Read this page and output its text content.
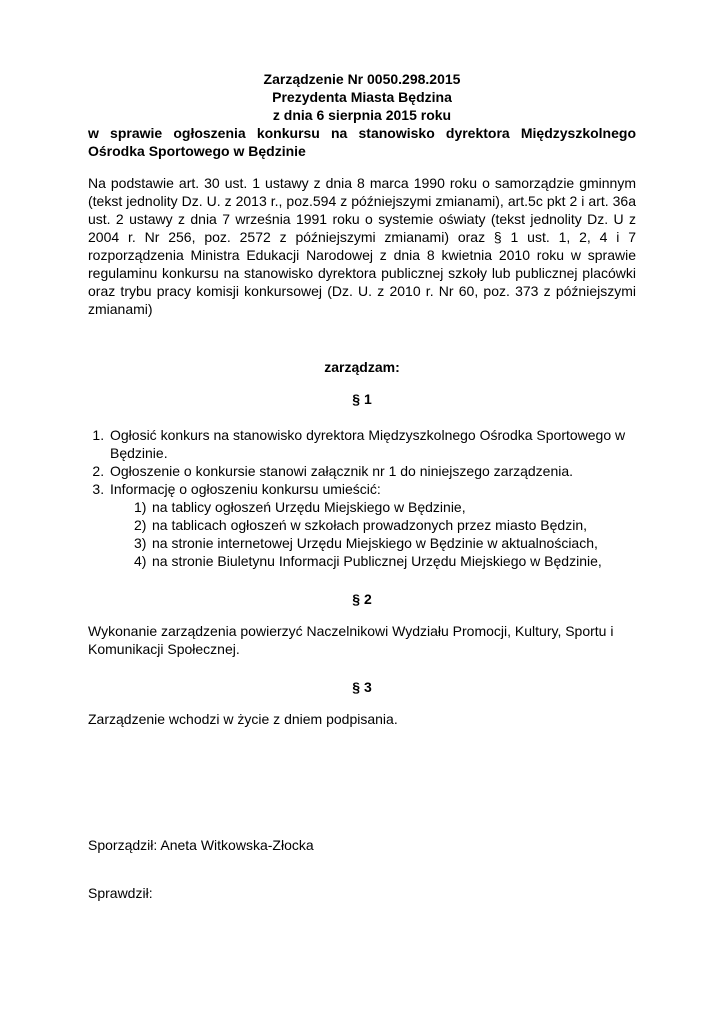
Zarządzenie Nr 0050.298.2015
Prezydenta Miasta Będzina
z dnia 6 sierpnia 2015 roku
w sprawie ogłoszenia konkursu na stanowisko dyrektora Międzyszkolnego Ośrodka Sportowego w Będzinie
Na podstawie art. 30 ust. 1 ustawy z dnia 8 marca 1990 roku o samorządzie gminnym (tekst jednolity Dz. U. z 2013 r., poz.594 z późniejszymi zmianami), art.5c pkt 2 i art. 36a ust. 2 ustawy z dnia 7 września 1991 roku o systemie oświaty (tekst jednolity Dz. U z 2004 r. Nr 256, poz. 2572 z późniejszymi zmianami) oraz § 1 ust. 1, 2, 4 i 7 rozporządzenia Ministra Edukacji Narodowej z dnia 8 kwietnia 2010 roku w sprawie regulaminu konkursu na stanowisko dyrektora publicznej szkoły lub publicznej placówki oraz trybu pracy komisji konkursowej (Dz. U. z 2010 r. Nr 60, poz. 373 z późniejszymi zmianami)
zarządzam:
§ 1
1. Ogłosić konkurs na stanowisko dyrektora Międzyszkolnego Ośrodka Sportowego w Będzinie.
2. Ogłoszenie o konkursie stanowi załącznik nr 1 do niniejszego zarządzenia.
3. Informację o ogłoszeniu konkursu umieścić:
1) na tablicy ogłoszeń Urzędu Miejskiego w Będzinie,
2) na tablicach ogłoszeń w szkołach prowadzonych przez miasto Będzin,
3) na stronie internetowej Urzędu Miejskiego w Będzinie w aktualnościach,
4) na stronie Biuletynu Informacji Publicznej Urzędu Miejskiego w Będzinie,
§ 2
Wykonanie zarządzenia powierzyć Naczelnikowi Wydziału Promocji, Kultury, Sportu i Komunikacji Społecznej.
§ 3
Zarządzenie wchodzi w życie z dniem podpisania.
Sporządził: Aneta Witkowska-Złocka
Sprawdził:
